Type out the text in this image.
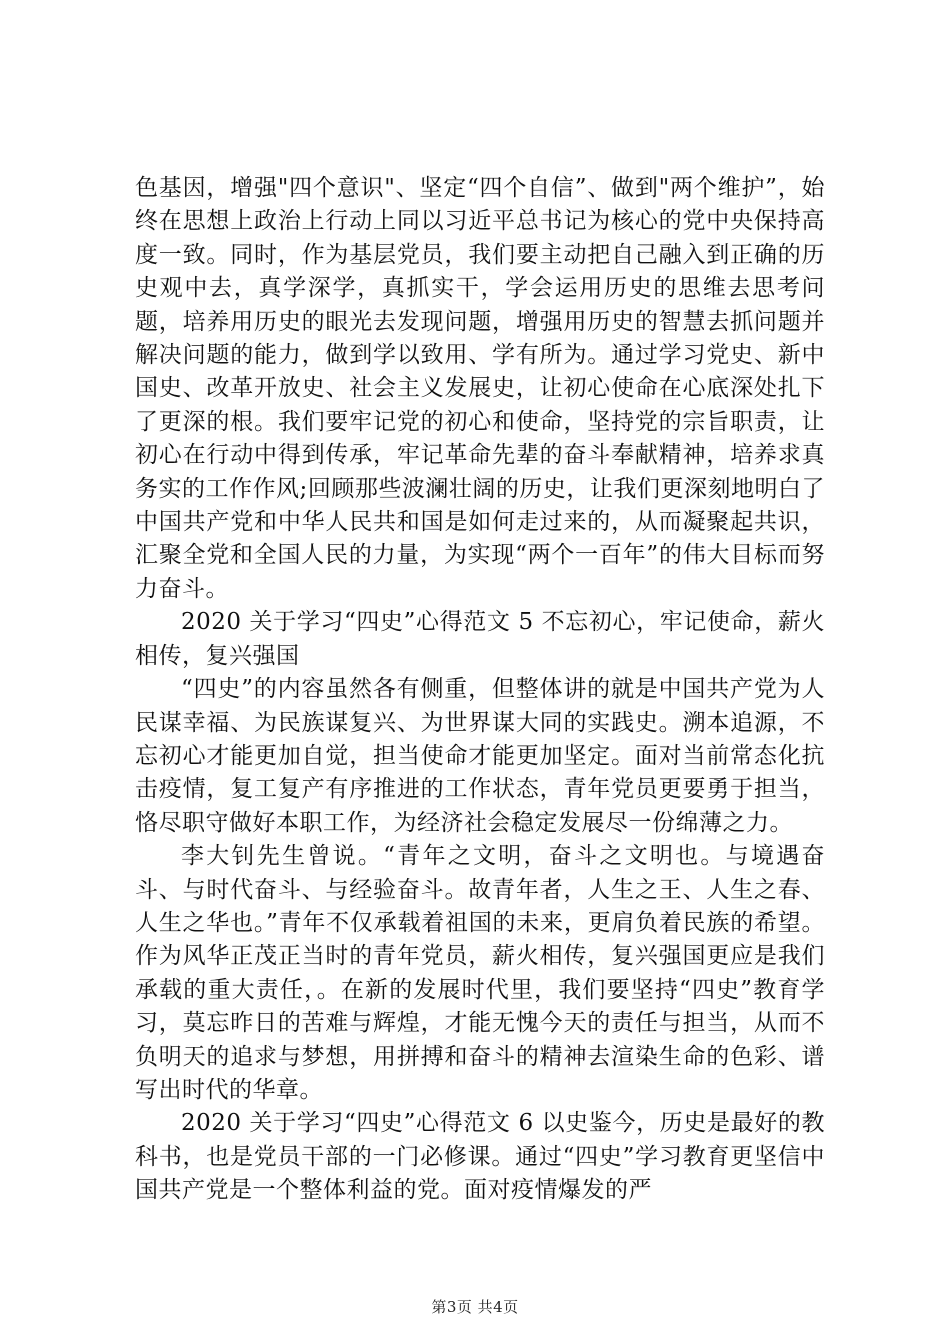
色基因，增强"四个意识"、坚定“四个自信”、做到"两个维护”，始终在思想上政治上行动上同以习近平总书记为核心的党中央保持高度一致。同时，作为基层党员，我们要主动把自己融入到正确的历史观中去，真学深学，真抓实干，学会运用历史的思维去思考问题，培养用历史的眼光去发现问题，增强用历史的智慧去抓问题并解决问题的能力，做到学以致用、学有所为。通过学习党史、新中国史、改革开放史、社会主义发展史，让初心使命在心底深处扎下了更深的根。我们要牢记党的初心和使命，坚持党的宗旨职责，让初心在行动中得到传承，牢记革命先辈的奋斗奉献精神，培养求真务实的工作作风;回顾那些波澜壮阔的历史，让我们更深刻地明白了中国共产党和中华人民共和国是如何走过来的，从而凝聚起共识，汇聚全党和全国人民的力量，为实现“两个一百年”的伟大目标而努力奋斗。

2020 关于学习“四史”心得范文 5 不忘初心，牢记使命，薪火相传，复兴强国

“四史”的内容虽然各有侧重，但整体讲的就是中国共产党为人民谋幸福、为民族谋复兴、为世界谋大同的实践史。溯本追源，不忘初心才能更加自觉，担当使命才能更加坚定。面对当前常态化抗击疫情，复工复产有序推进的工作状态，青年党员更要勇于担当，恪尽职守做好本职工作，为经济社会稳定发展尽一份绵薄之力。

李大钊先生曾说。“青年之文明，奋斗之文明也。与境遇奋斗、与时代奋斗、与经验奋斗。故青年者，人生之王、人生之春、人生之华也。”青年不仅承载着祖国的未来，更肩负着民族的希望。作为风华正茂正当时的青年党员，薪火相传，复兴强国更应是我们承载的重大责任，。在新的发展时代里，我们要坚持“四史”教育学习，莫忘昨日的苦难与辉煌，才能无愧今天的责任与担当，从而不负明天的追求与梦想，用拼搏和奋斗的精神去渲染生命的色彩、谱写出时代的华章。

2020 关于学习“四史”心得范文 6 以史鉴今，历史是最好的教科书，也是党员干部的一门必修课。通过“四史”学习教育更坚信中国共产党是一个整体利益的党。面对疫情爆发的严

第3页 共4页
